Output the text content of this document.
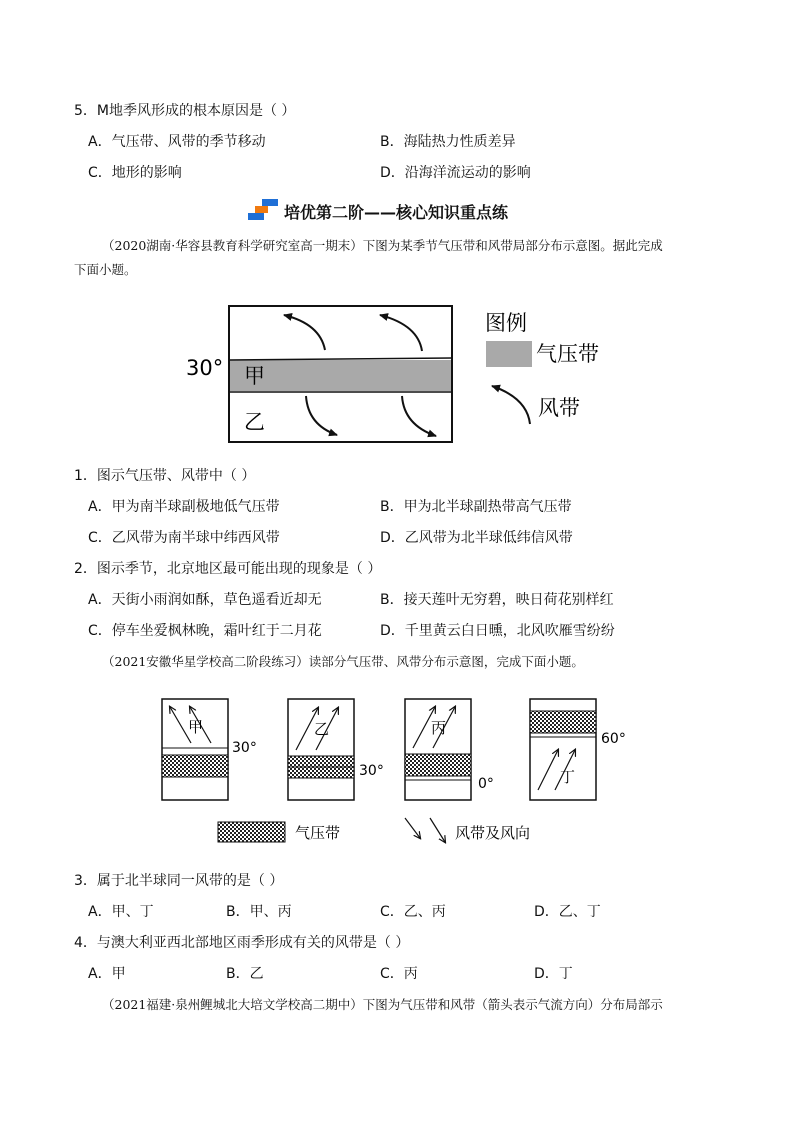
5．M地季风形成的根本原因是（ ）
A．气压带、风带的季节移动	B．海陆热力性质差异
C．地形的影响	D．沿海洋流运动的影响
培优第二阶——核心知识重点练
（2020湖南·华容县教育科学研究室高一期末）下图为某季节气压带和风带局部分布示意图。据此完成
下面小题。
30° 甲
乙
图例
气压带
风带
1．图示气压带、风带中（ ）
A．甲为南半球副极地低气压带	B．甲为北半球副热带高气压带
C．乙风带为南半球中纬西风带	D．乙风带为北半球低纬信风带
2．图示季节，北京地区最可能出现的现象是（ ）
A．天街小雨润如酥，草色遥看近却无	B．接天莲叶无穷碧，映日荷花别样红
C．停车坐爱枫林晚，霜叶红于二月花	D．千里黄云白日曛，北风吹雁雪纷纷
（2021安徽华星学校高二阶段练习）读部分气压带、风带分布示意图，完成下面小题。
甲
30°
乙
30°
丙
0°	丁
60°
气压带	风带及风向
3．属于北半球同一风带的是（ ）
A．甲、丁	B．甲、丙	C．乙、丙	D．乙、丁
4．与澳大利亚西北部地区雨季形成有关的风带是（ ）
A．甲	B．乙	C．丙	D．丁
（2021福建·泉州鲤城北大培文学校高二期中）下图为气压带和风带（箭头表示气流方向）分布局部示
